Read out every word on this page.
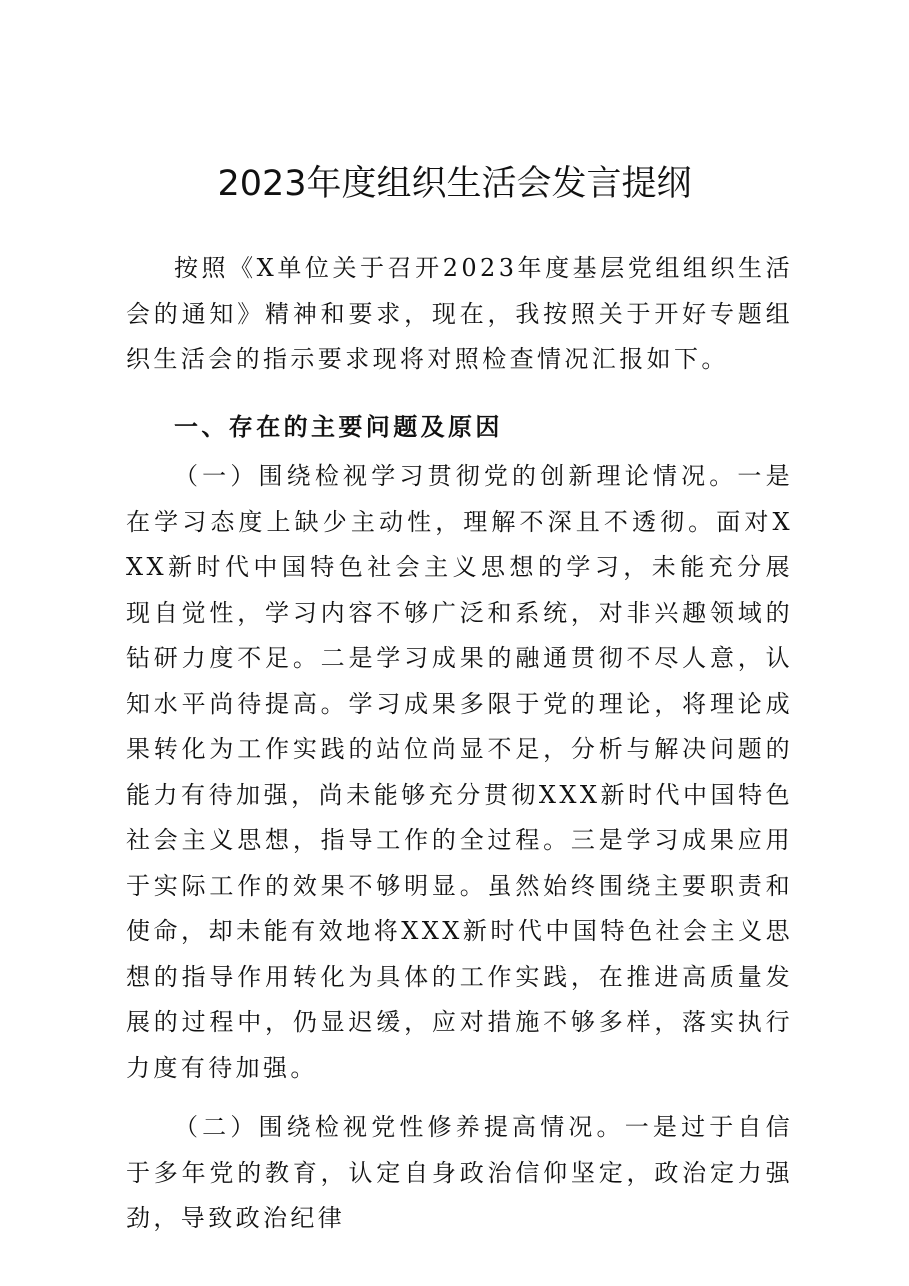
2023年度组织生活会发言提纲

按照《X单位关于召开2023年度基层党组组织生活会的通知》精神和要求，现在，我按照关于开好专题组织生活会的指示要求现将对照检查情况汇报如下。

一、存在的主要问题及原因

（一）围绕检视学习贯彻党的创新理论情况。一是在学习态度上缺少主动性，理解不深且不透彻。面对XXX新时代中国特色社会主义思想的学习，未能充分展现自觉性，学习内容不够广泛和系统，对非兴趣领域的钻研力度不足。二是学习成果的融通贯彻不尽人意，认知水平尚待提高。学习成果多限于党的理论，将理论成果转化为工作实践的站位尚显不足，分析与解决问题的能力有待加强，尚未能够充分贯彻XXX新时代中国特色社会主义思想，指导工作的全过程。三是学习成果应用于实际工作的效果不够明显。虽然始终围绕主要职责和使命，却未能有效地将XXX新时代中国特色社会主义思想的指导作用转化为具体的工作实践，在推进高质量发展的过程中，仍显迟缓，应对措施不够多样，落实执行力度有待加强。

（二）围绕检视党性修养提高情况。一是过于自信于多年党的教育，认定自身政治信仰坚定，政治定力强劲，导致政治纪律
